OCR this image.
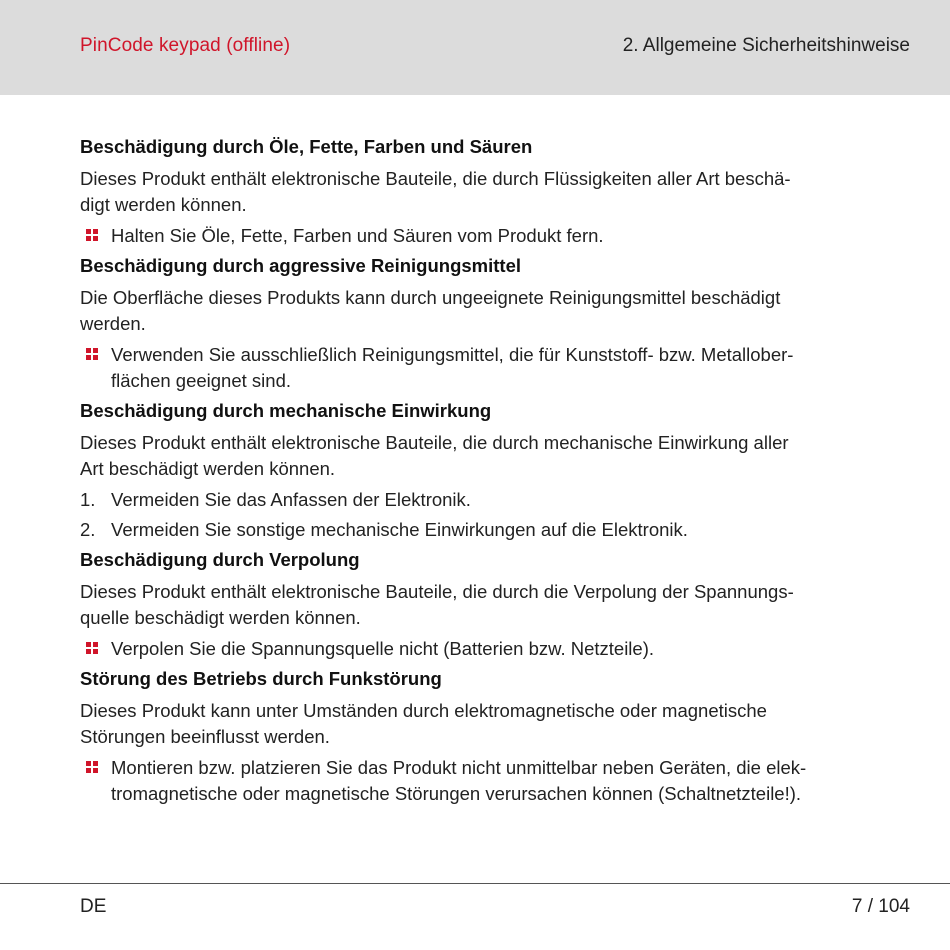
PinCode keypad (offline)	2. Allgemeine Sicherheitshinweise
Beschädigung durch Öle, Fette, Farben und Säuren
Dieses Produkt enthält elektronische Bauteile, die durch Flüssigkeiten aller Art beschä-
digt werden können.
Halten Sie Öle, Fette, Farben und Säuren vom Produkt fern.
Beschädigung durch aggressive Reinigungsmittel
Die Oberfläche dieses Produkts kann durch ungeeignete Reinigungsmittel beschädigt
werden.
Verwenden Sie ausschließlich Reinigungsmittel, die für Kunststoff- bzw. Metallober-
flächen geeignet sind.
Beschädigung durch mechanische Einwirkung
Dieses Produkt enthält elektronische Bauteile, die durch mechanische Einwirkung aller
Art beschädigt werden können.
1. Vermeiden Sie das Anfassen der Elektronik.
2. Vermeiden Sie sonstige mechanische Einwirkungen auf die Elektronik.
Beschädigung durch Verpolung
Dieses Produkt enthält elektronische Bauteile, die durch die Verpolung der Spannungs-
quelle beschädigt werden können.
Verpolen Sie die Spannungsquelle nicht (Batterien bzw. Netzteile).
Störung des Betriebs durch Funkstörung
Dieses Produkt kann unter Umständen durch elektromagnetische oder magnetische
Störungen beeinflusst werden.
Montieren bzw. platzieren Sie das Produkt nicht unmittelbar neben Geräten, die elek-
tromagnetische oder magnetische Störungen verursachen können (Schaltnetzteile!).
DE	7 / 104
